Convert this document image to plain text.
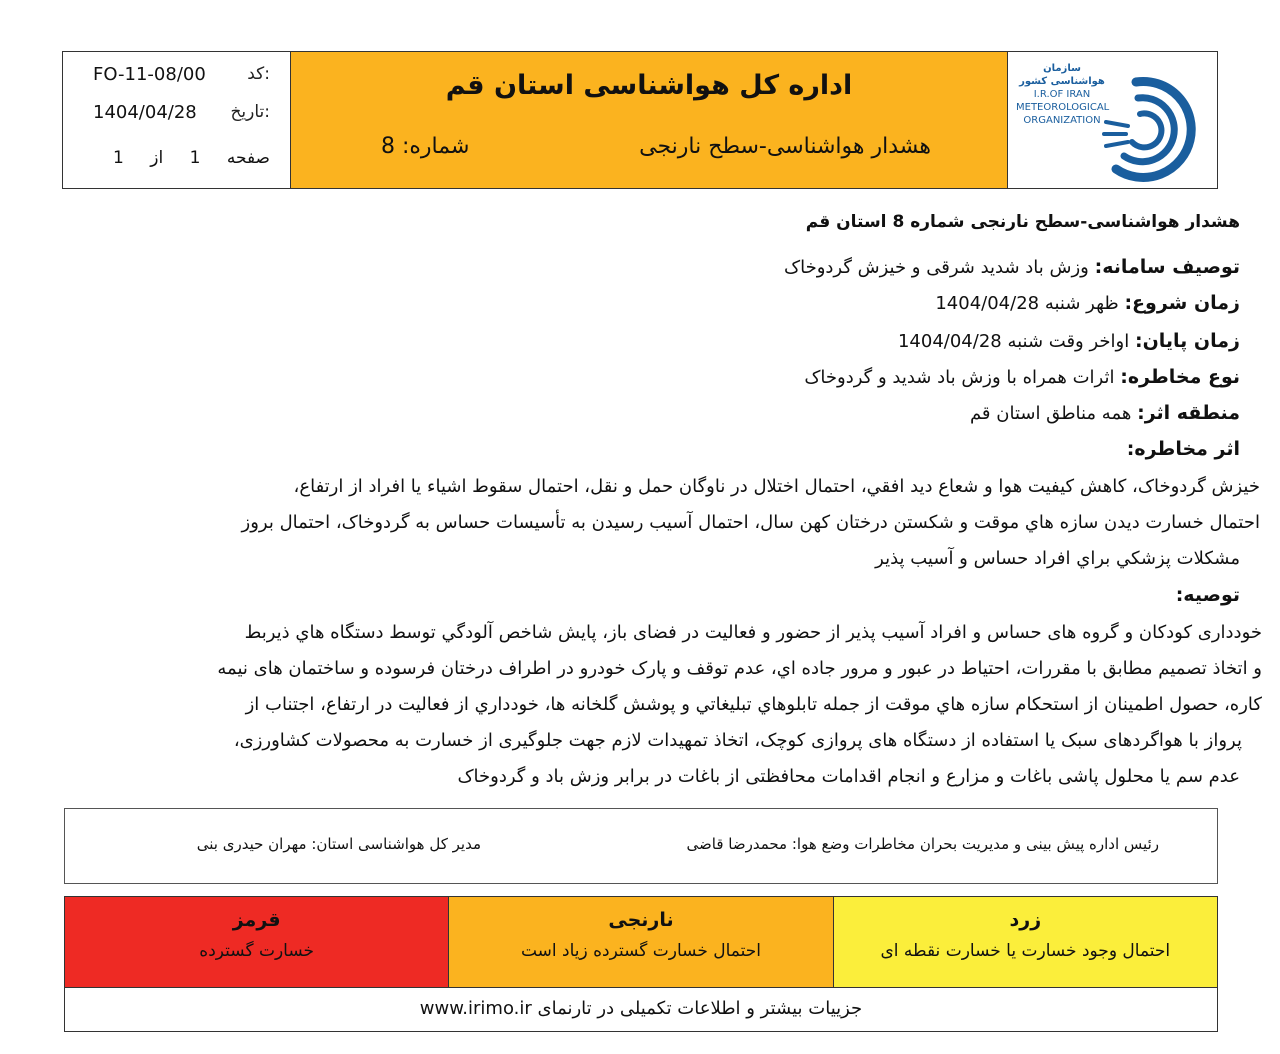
FO-11-08/00 کد:
1404/04/28 تاریخ:
1 از 1 صفحه
اداره کل هواشناسی استان قم
هشدار هواشناسی-سطح نارنجی
شماره: 8
سازمان هواشناسی کشور
I.R.OF IRAN
METEOROLOGICAL
ORGANIZATION
هشدار هواشناسی-سطح نارنجی شماره 8 استان قم
توصیف سامانه: وزش باد شدید شرقی و خیزش گردوخاک
زمان شروع: ظهر شنبه 1404/04/28
زمان پایان: اواخر وقت شنبه 1404/04/28
نوع مخاطره: اثرات همراه با وزش باد شدید و گردوخاک
منطقه اثر: همه مناطق استان قم
اثر مخاطره:
خیزش گردوخاک، کاهش کیفیت هوا و شعاع دید افقي، احتمال اختلال در ناوگان حمل و نقل، احتمال سقوط اشیاء یا افراد از ارتفاع،
احتمال خسارت دیدن سازه هاي موقت و شکستن درختان کهن سال، احتمال آسیب رسیدن به تأسیسات حساس به گردوخاک، احتمال بروز
مشکلات پزشکي براي افراد حساس و آسیب پذیر
توصیه:
خودداری کودکان و گروه های حساس و افراد آسیب پذیر از حضور و فعالیت در فضای باز، پایش شاخص آلودگي توسط دستگاه هاي ذیربط
و اتخاذ تصمیم مطابق با مقررات، احتیاط در عبور و مرور جاده اي، عدم توقف و پارک خودرو در اطراف درختان فرسوده و ساختمان های نیمه
کاره، حصول اطمینان از استحکام سازه هاي موقت از جمله تابلوهاي تبلیغاتي و پوشش گلخانه ها، خودداري از فعالیت در ارتفاع، اجتناب از
پرواز با هواگردهای سبک یا استفاده از دستگاه های پروازی کوچک، اتخاذ تمهیدات لازم جهت جلوگیری از خسارت به محصولات کشاورزی،
عدم سم یا محلول پاشی باغات و مزارع و انجام اقدامات محافظتی از باغات در برابر وزش باد و گردوخاک
رئیس اداره پیش بینی و مدیریت بحران مخاطرات وضع هوا: محمدرضا قاضی
مدیر کل هواشناسی استان: مهران حیدری بنی
قرمز
خسارت گسترده
نارنجی
احتمال خسارت گسترده زیاد است
زرد
احتمال وجود خسارت یا خسارت نقطه ای
جزییات بیشتر و اطلاعات تکمیلی در تارنمای www.irimo.ir
